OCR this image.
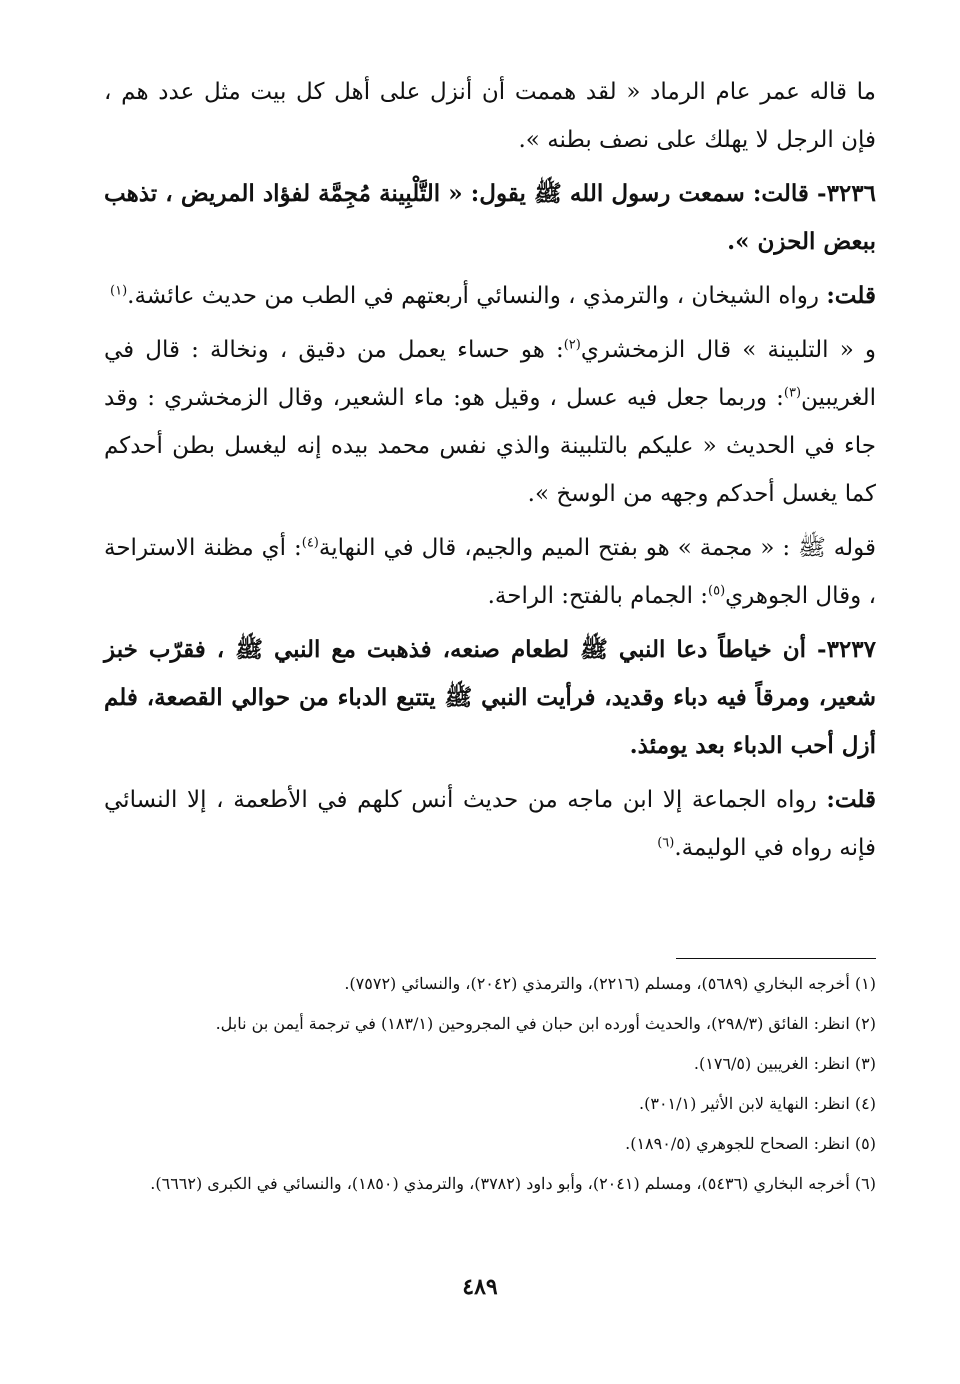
ما قاله عمر عام الرماد « لقد هممت أن أنزل على أهل كل بيت مثل عدد هم ، فإن الرجل لا يهلك على نصف بطنه ».

٣٢٣٦- قالت: سمعت رسول الله ﷺ يقول: « التَّلْبِينة مُجِمَّة لفؤاد المريض ، تذهب ببعض الحزن ».

قلت: رواه الشيخان ، والترمذي ، والنسائي أربعتهم في الطب من حديث عائشة.$^{(١)}$

و « التلبينة » قال الزمخشري$^{(٢)}$: هو حساء يعمل من دقيق ، ونخالة : قال في الغريبين$^{(٣)}$: وربما جعل فيه عسل ، وقيل هو: ماء الشعير، وقال الزمخشري : وقد جاء في الحديث « عليكم بالتلبينة والذي نفس محمد بيده إنه ليغسل بطن أحدكم كما يغسل أحدكم وجهه من الوسخ ».

قوله ﷺ : « مجمة » هو بفتح الميم والجيم، قال في النهاية$^{(٤)}$: أي مظنة الاستراحة ، وقال الجوهري$^{(٥)}$: الجمام بالفتح: الراحة.

٣٢٣٧- أن خياطاً دعا النبي ﷺ لطعام صنعه، فذهبت مع النبي ﷺ ، فقرّب خبز شعير، ومرقاً فيه دباء وقديد، فرأيت النبي ﷺ يتتبع الدباء من حوالي القصعة، فلم أزل أحب الدباء بعد يومئذ.

قلت: رواه الجماعة إلا ابن ماجه من حديث أنس كلهم في الأطعمة ، إلا النسائي فإنه رواه في الوليمة.$^{(٦)}$

(١) أخرجه البخاري (٥٦٨٩)، ومسلم (٢٢١٦)، والترمذي (٢٠٤٢)، والنسائي (٧٥٧٢).

(٢) انظر: الفائق (٢٩٨/٣)، والحديث أورده ابن حبان في المجروحين (١٨٣/١) في ترجمة أيمن بن نابل.

(٣) انظر: الغريبين (١٧٦/٥).

(٤) انظر: النهاية لابن الأثير (٣٠١/١).

(٥) انظر: الصحاح للجوهري (١٨٩٠/٥).

(٦) أخرجه البخاري (٥٤٣٦)، ومسلم (٢٠٤١)، وأبو داود (٣٧٨٢)، والترمذي (١٨٥٠)، والنسائي في الكبرى (٦٦٦٢).

٤٨٩
